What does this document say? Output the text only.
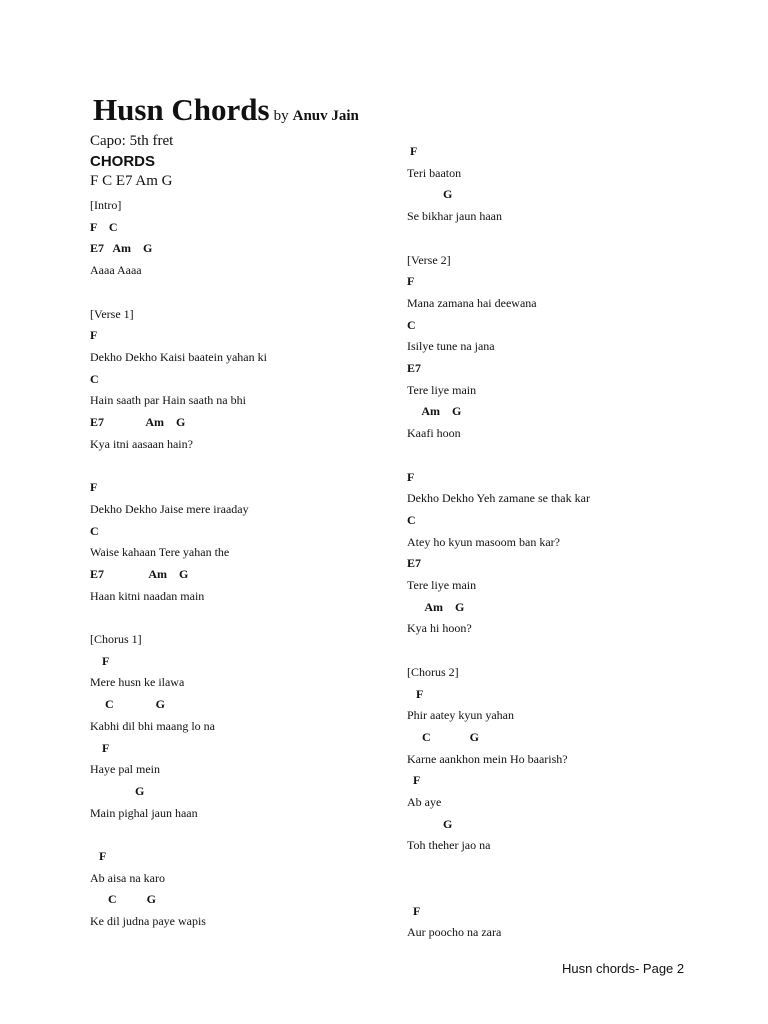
Husn Chords by Anuv Jain
Capo: 5th fret
CHORDS
F C E7 Am G
[Intro]
F    C
E7   Am    G
Aaaa Aaaa
[Verse 1]
F
Dekho Dekho Kaisi baatein yahan ki
C
Hain saath par Hain saath na bhi
E7              Am    G
Kya itni aasaan hain?
F
Dekho Dekho Jaise mere iraaday
C
Waise kahaan Tere yahan the
E7               Am    G
Haan kitni naadan main
[Chorus 1]
F
Mere husn ke ilawa
C              G
Kabhi dil bhi maang lo na
F
Haye pal mein
G
Main pighal jaun haan
F
Ab aisa na karo
C          G
Ke dil judna paye wapis
F
Teri baaton
G
Se bikhar jaun haan
[Verse 2]
F
Mana zamana hai deewana
C
Isilye tune na jana
E7
Tere liye main
Am    G
Kaafi hoon
F
Dekho Dekho Yeh zamane se thak kar
C
Atey ho kyun masoom ban kar?
E7
Tere liye main
Am    G
Kya hi hoon?
[Chorus 2]
F
Phir aatey kyun yahan
C             G
Karne aankhon mein Ho baarish?
F
Ab aye
G
Toh theher jao na
F
Aur poocho na zara
Husn chords- Page 2
